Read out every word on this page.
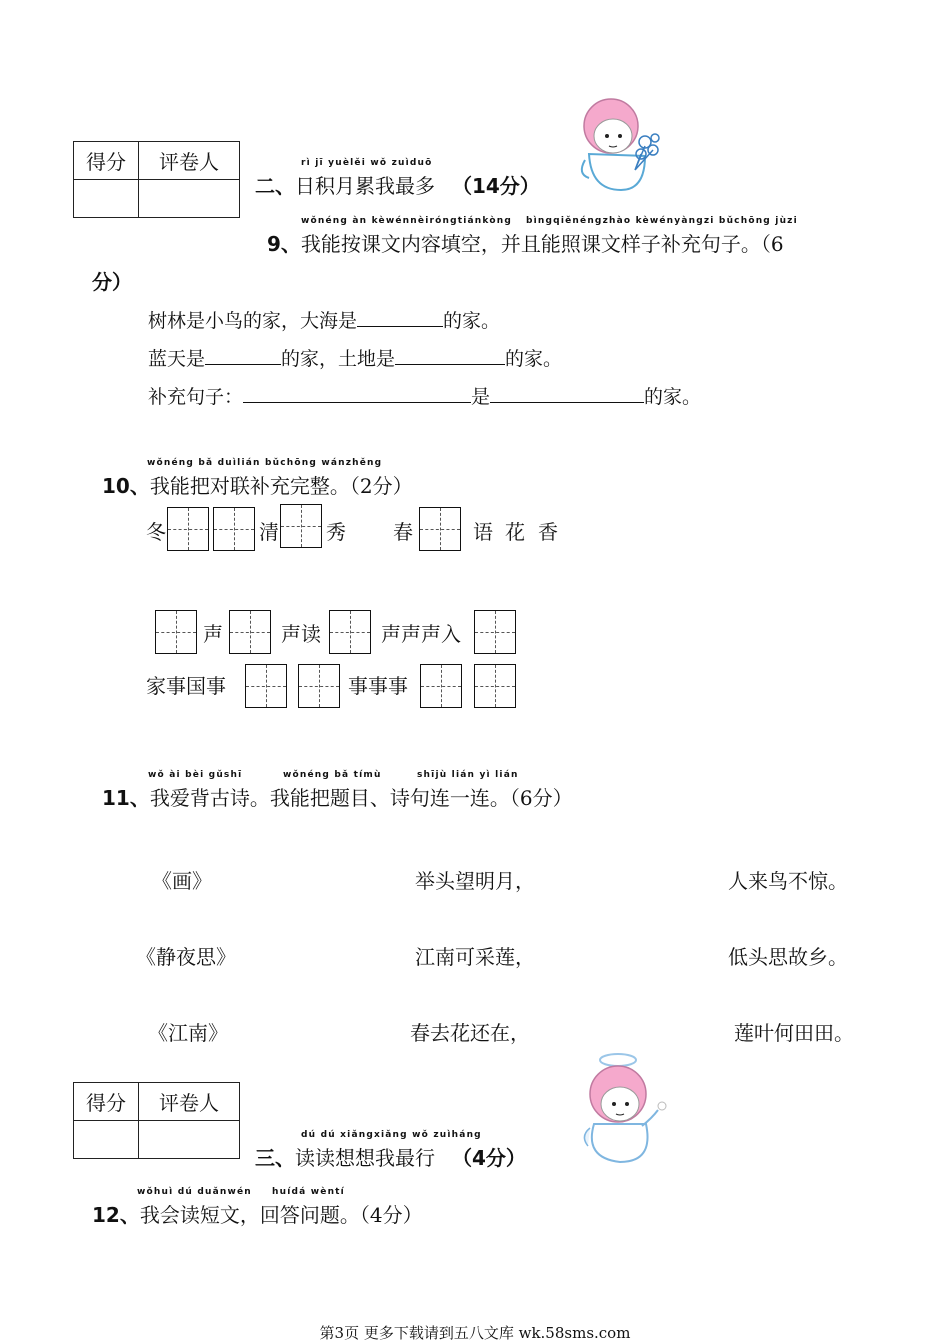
得分	评卷人
		rì jī yuèlěi wǒ zuìduō
二、日积月累我最多 （14分）
wǒnéng àn kèwénnèiróngtiánkòng bìngqiěnéngzhào kèwényàngzi bǔchōng jùzi
9、我能按课文内容填空，并且能照课文样子补充句子。（6
分）
树林是小鸟的家，大海是	的家。
蓝天是	的家，土地是	的家。
补充句子：	是	的家。
wǒnéng bǎ duìlián bǔchōng wánzhěng
10、我能把对联补充完整。（2分）
冬	清 秀 春	语 花 香
声	声读	声声声入
家事国事	事事事
wǒ ài bèi gǔshī	wǒnéng bǎ tímù	shījù lián yì lián
11、我爱背古诗。我能把题目、诗句连一连。（6分）
《画》	举头望明月，	人来鸟不惊。
《静夜思》	江南可采莲，	低头思故乡。
《江南》	春去花还在，	莲叶何田田。
得分	评卷人

dú dú xiǎngxiǎng wǒ zuìháng
三、读读想想我最行 （4分）
wǒhuì dú duǎnwén huídá wèntí
12、我会读短文，回答问题。（4分）
第3页 更多下载请到五八文库 wk.58sms.com
